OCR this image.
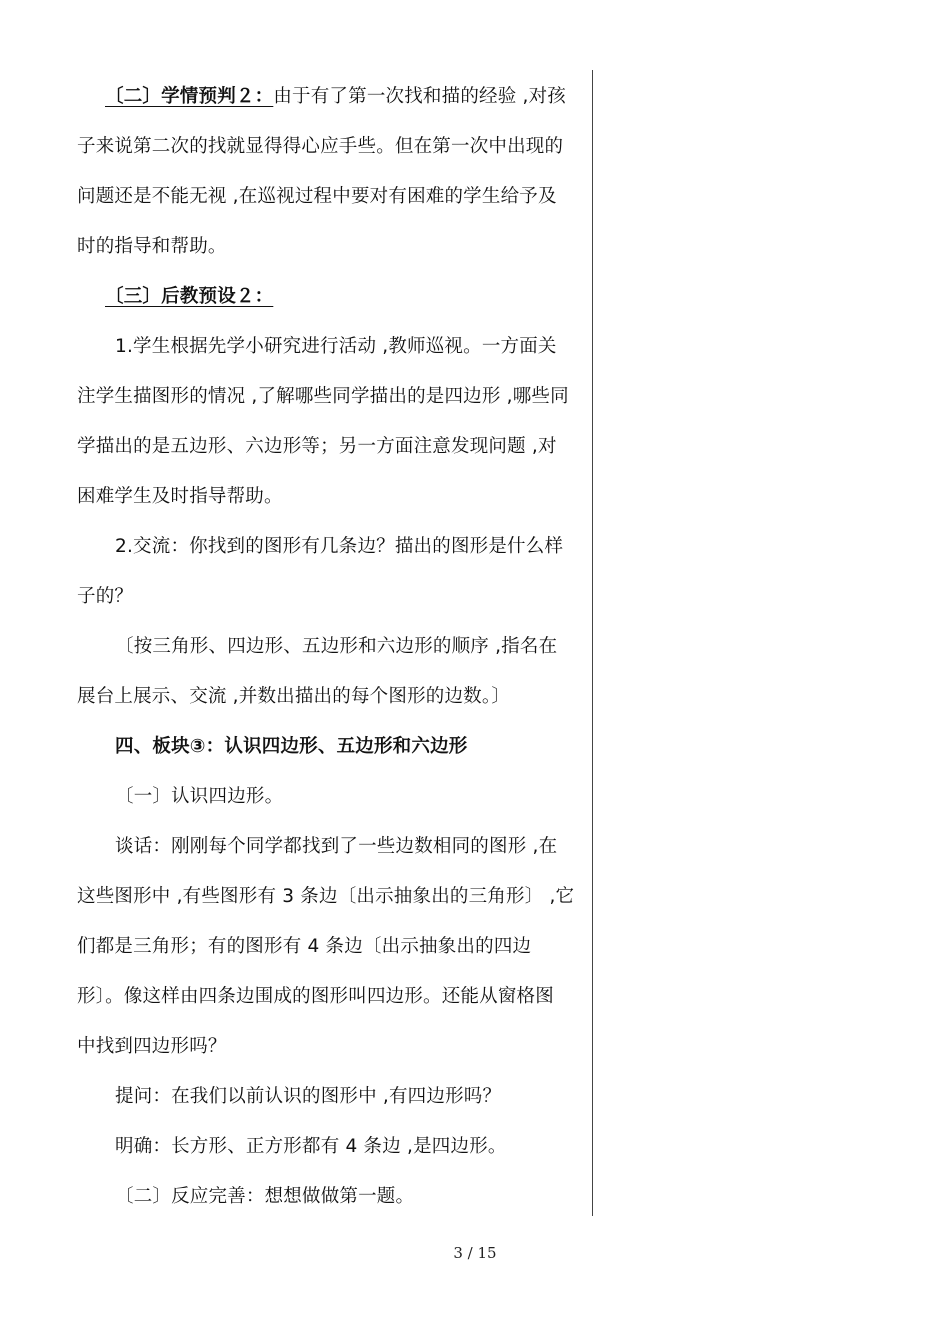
〔二〕学情预判２：由于有了第一次找和描的经验 ,对孩
子来说第二次的找就显得得心应手些。但在第一次中出现的
问题还是不能无视 ,在巡视过程中要对有困难的学生给予及
时的指导和帮助。
〔三〕后教预设２：
1.学生根据先学小研究进行活动 ,教师巡视。一方面关
注学生描图形的情况 ,了解哪些同学描出的是四边形 ,哪些同
学描出的是五边形、六边形等；另一方面注意发现问题 ,对
困难学生及时指导帮助。
2.交流：你找到的图形有几条边？描出的图形是什么样
子的？
〔按三角形、四边形、五边形和六边形的顺序 ,指名在
展台上展示、交流 ,并数出描出的每个图形的边数。〕
四、板块③：认识四边形、五边形和六边形
〔一〕认识四边形。
谈话：刚刚每个同学都找到了一些边数相同的图形 ,在
这些图形中 ,有些图形有 3 条边〔出示抽象出的三角形〕 ,它
们都是三角形；有的图形有 4 条边〔出示抽象出的四边
形〕。像这样由四条边围成的图形叫四边形。还能从窗格图
中找到四边形吗？
提问：在我们以前认识的图形中 ,有四边形吗？
明确：长方形、正方形都有 4 条边 ,是四边形。
〔二〕反应完善：想想做做第一题。
3 / 15
